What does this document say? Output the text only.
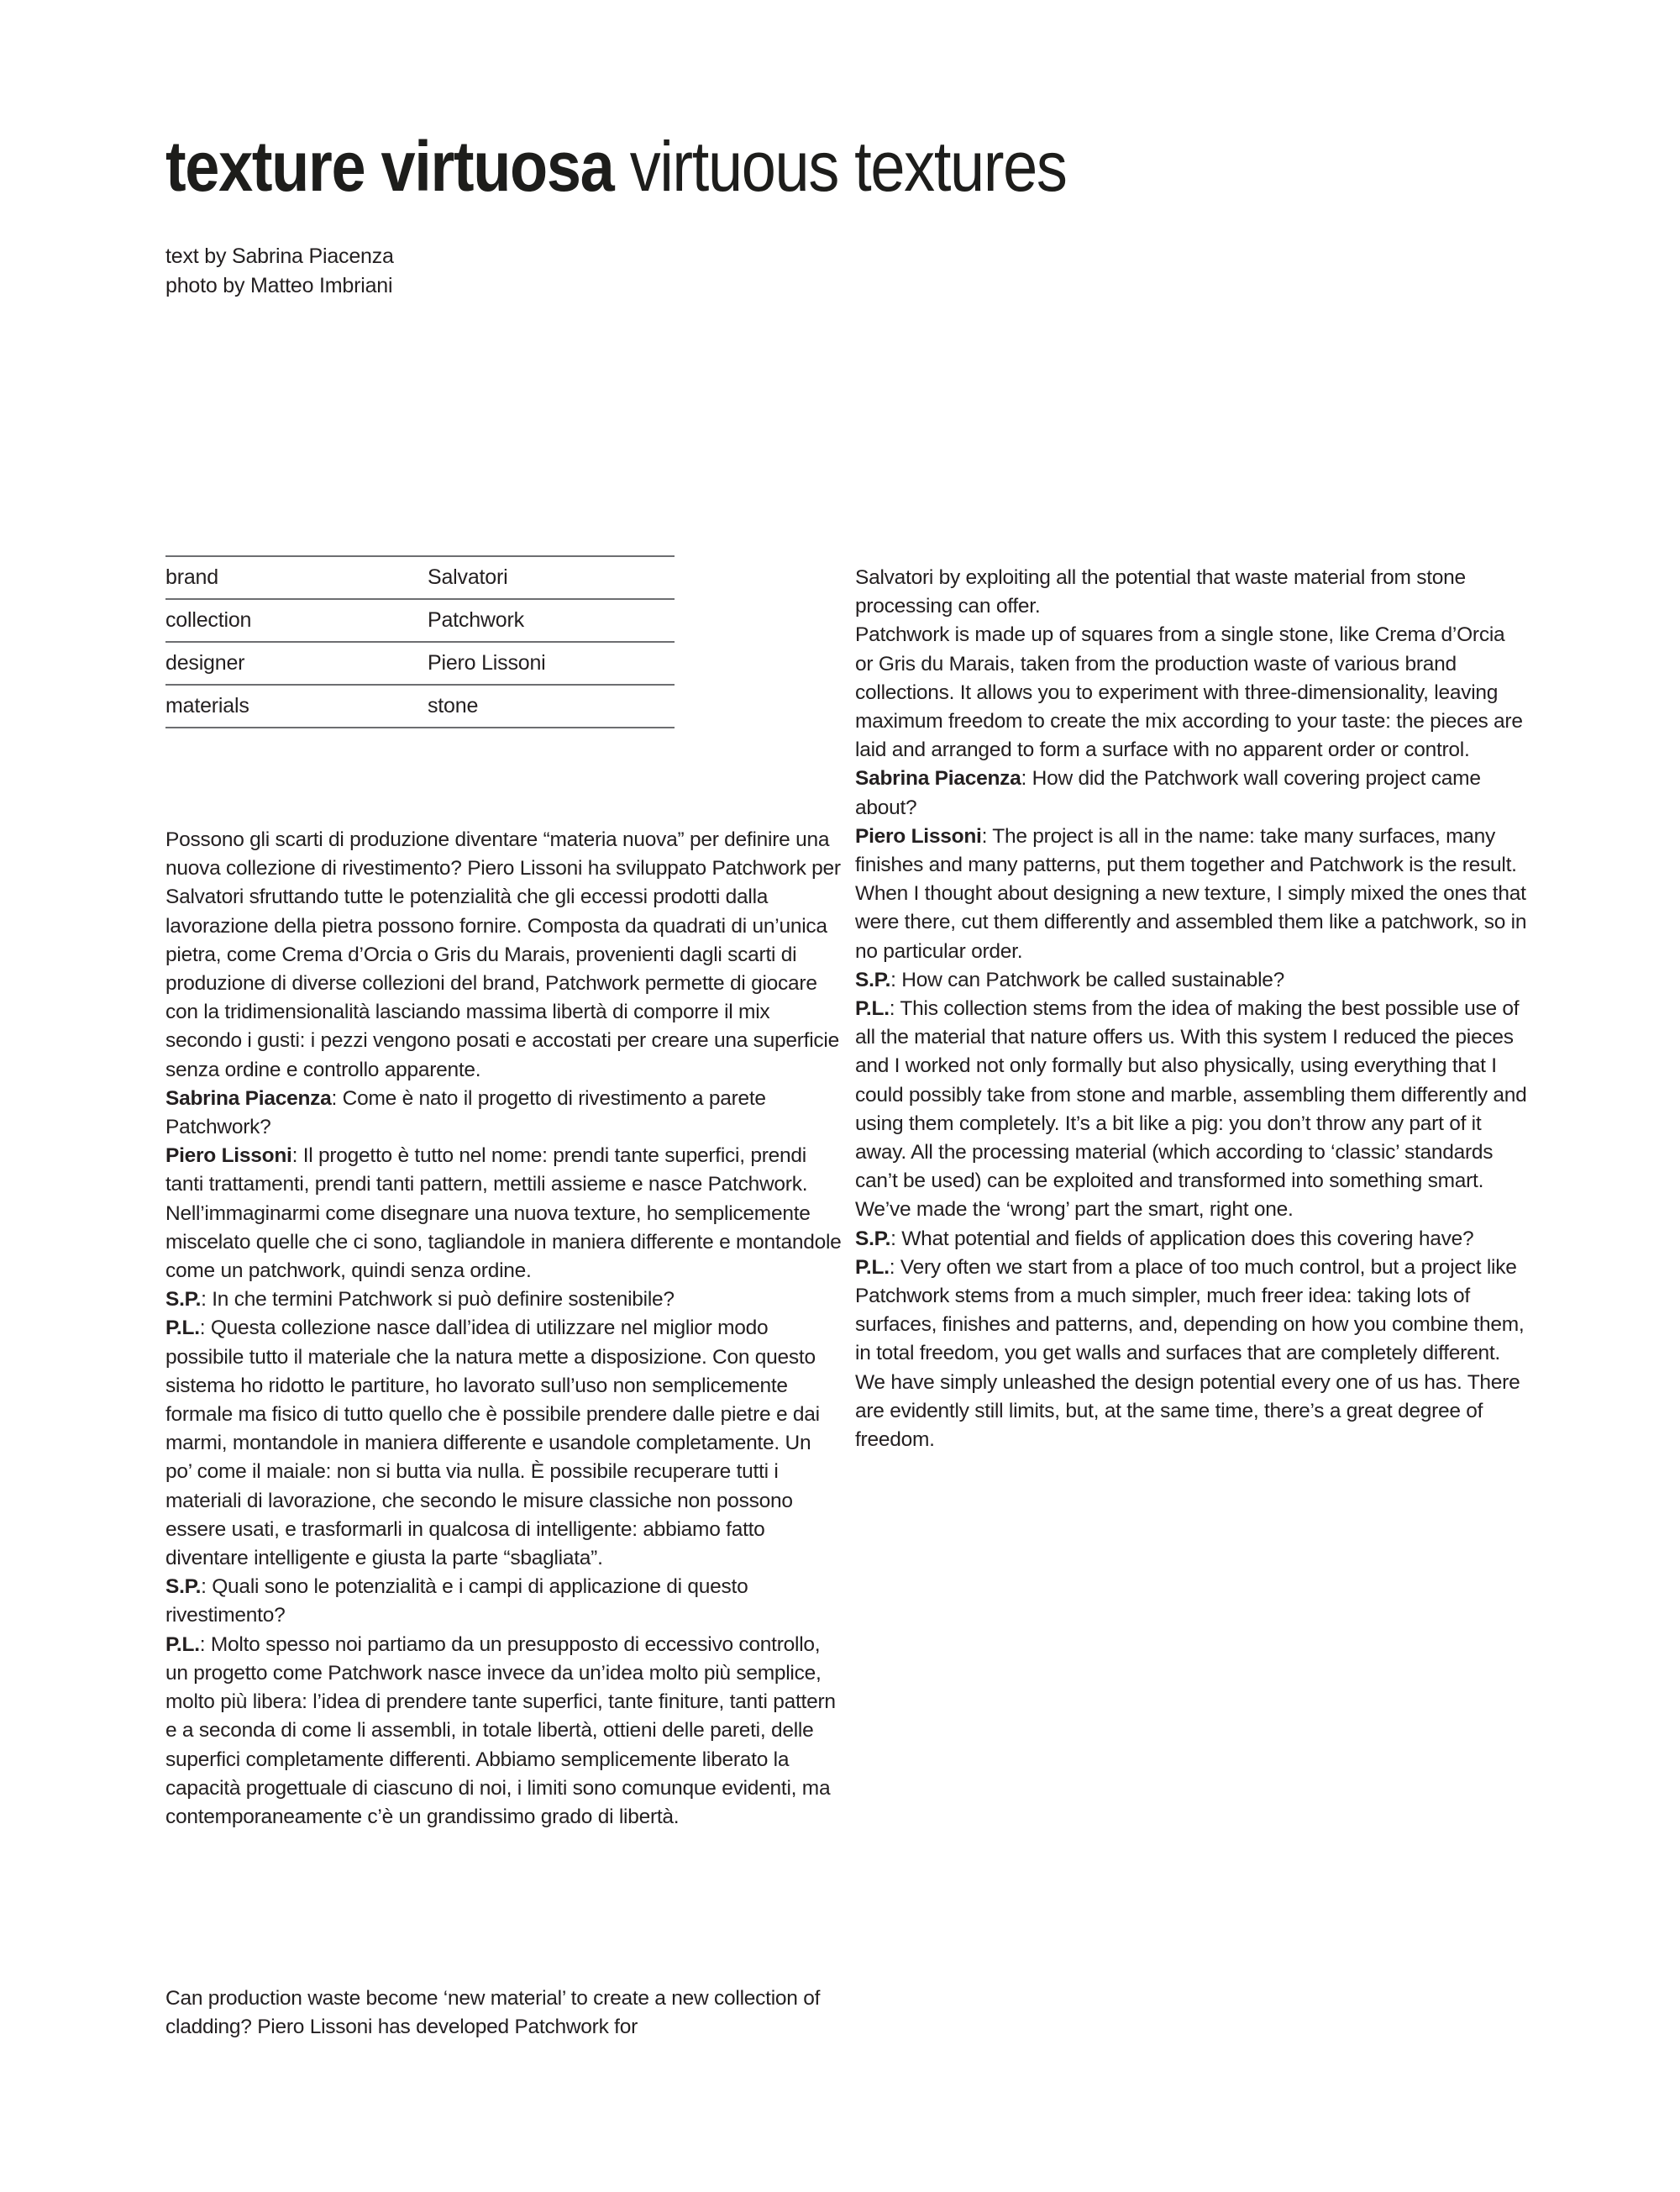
texture virtuosa virtuous textures

text by Sabrina Piacenza

photo by Matteo Imbriani

brand	Salvatori
collection	Patchwork
designer	Piero Lissoni
materials	stone

Possono gli scarti di produzione diventare “materia nuova” per definire una nuova collezione di rivestimento? Piero Lissoni ha sviluppato Patchwork per Salvatori sfruttando tutte le potenzialità che gli eccessi prodotti dalla lavorazione della pietra possono fornire. Composta da quadrati di un’unica pietra, come Crema d’Orcia o Gris du Marais, provenienti dagli scarti di produzione di diverse collezioni del brand, Patchwork permette di giocare con la tridimensionalità lasciando massima libertà di comporre il mix secondo i gusti: i pezzi vengono posati e accostati per creare una superficie senza ordine e controllo apparente.

Sabrina Piacenza: Come è nato il progetto di rivestimento a parete Patchwork?

Piero Lissoni: Il progetto è tutto nel nome: prendi tante superfici, prendi tanti trattamenti, prendi tanti pattern, mettili assieme e nasce Patchwork. Nell’immaginarmi come disegnare una nuova texture, ho semplicemente miscelato quelle che ci sono, tagliandole in maniera differente e montandole come un patchwork, quindi senza ordine.

S.P.: In che termini Patchwork si può definire sostenibile?

P.L.: Questa collezione nasce dall’idea di utilizzare nel miglior modo possibile tutto il materiale che la natura mette a disposizione. Con questo sistema ho ridotto le partiture, ho lavorato sull’uso non semplicemente formale ma fisico di tutto quello che è possibile prendere dalle pietre e dai marmi, montandole in maniera differente e usandole completamente. Un po’ come il maiale: non si butta via nulla. È possibile recuperare tutti i materiali di lavorazione, che secondo le misure classiche non possono essere usati, e trasformarli in qualcosa di intelligente: abbiamo fatto diventare intelligente e giusta la parte “sbagliata”.

S.P.: Quali sono le potenzialità e i campi di applicazione di questo rivestimento?

P.L.: Molto spesso noi partiamo da un presupposto di eccessivo controllo, un progetto come Patchwork nasce invece da un’idea molto più semplice, molto più libera: l’idea di prendere tante superfici, tante finiture, tanti pattern e a seconda di come li assembli, in totale libertà, ottieni delle pareti, delle superfici completamente differenti. Abbiamo semplicemente liberato la capacità progettuale di ciascuno di noi, i limiti sono comunque evidenti, ma contemporaneamente c’è un grandissimo grado di libertà.

Salvatori by exploiting all the potential that waste material from stone processing can offer.

Patchwork is made up of squares from a single stone, like Crema d’Orcia or Gris du Marais, taken from the production waste of various brand collections. It allows you to experiment with three-dimensionality, leaving maximum freedom to create the mix according to your taste: the pieces are laid and arranged to form a surface with no apparent order or control.

Sabrina Piacenza: How did the Patchwork wall covering project came about?

Piero Lissoni: The project is all in the name: take many surfaces, many finishes and many patterns, put them together and Patchwork is the result. When I thought about designing a new texture, I simply mixed the ones that were there, cut them differently and assembled them like a patchwork, so in no particular order.

S.P.: How can Patchwork be called sustainable?

P.L.: This collection stems from the idea of making the best possible use of all the material that nature offers us. With this system I reduced the pieces and I worked not only formally but also physically, using everything that I could possibly take from stone and marble, assembling them differently and using them completely. It’s a bit like a pig: you don’t throw any part of it away. All the processing material (which according to ‘classic’ standards can’t be used) can be exploited and transformed into something smart. We’ve made the ‘wrong’ part the smart, right one.

S.P.: What potential and fields of application does this covering have?

P.L.: Very often we start from a place of too much control, but a project like Patchwork stems from a much simpler, much freer idea: taking lots of surfaces, finishes and patterns, and, depending on how you combine them, in total freedom, you get walls and surfaces that are completely different. We have simply unleashed the design potential every one of us has. There are evidently still limits, but, at the same time, there’s a great degree of freedom.

Can production waste become ‘new material’ to create a new collection of cladding? Piero Lissoni has developed Patchwork for
